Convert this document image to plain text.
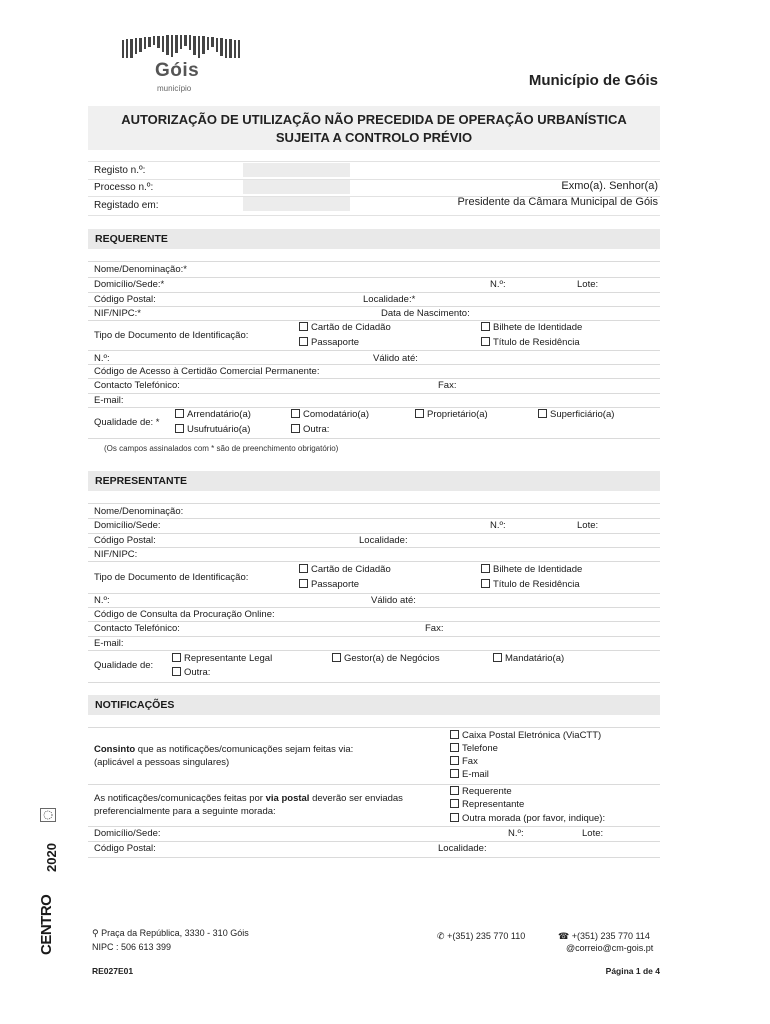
Góis
município	Município de Góis
AUTORIZAÇÃO DE UTILIZAÇÃO NÃO PRECEDIDA DE OPERAÇÃO URBANÍSTICA
SUJEITA A CONTROLO PRÉVIO
Registo n.º:
Processo n.º:
Registado em:
Exmo(a). Senhor(a)
Presidente da Câmara Municipal de Góis
REQUERENTE
Nome/Denominação:*
Domicílio/Sede:*	N.º:	Lote:
Código Postal:	Localidade:*
NIF/NIPC:*	Data de Nascimento:
Tipo de Documento de Identificação:
Cartão de Cidadão	Bilhete de Identidade
Passaporte	Título de Residência
N.º:	Válido até:
Código de Acesso à Certidão Comercial Permanente:
Contacto Telefónico:	Fax:
E-mail:
Qualidade de: *
Arrendatário(a)	Comodatário(a)	Proprietário(a)	Superficiário(a)
Usufrutuário(a)	Outra:
(Os campos assinalados com * são de preenchimento obrigatório)
REPRESENTANTE
Nome/Denominação:
Domicílio/Sede:	N.º:	Lote:
Código Postal:	Localidade:
NIF/NIPC:
Tipo de Documento de Identificação:
Cartão de Cidadão	Bilhete de Identidade
Passaporte	Título de Residência
N.º:	Válido até:
Código de Consulta da Procuração Online:
Contacto Telefónico:	Fax:
E-mail:
Qualidade de:
Representante Legal	Gestor(a) de Negócios	Mandatário(a)
Outra:
NOTIFICAÇÕES
Consinto que as notificações/comunicações sejam feitas via:
(aplicável a pessoas singulares)
Caixa Postal Eletrónica (ViaCTT)
Telefone
Fax
E-mail
As notificações/comunicações feitas por via postal deverão ser enviadas
preferencialmente para a seguinte morada:
Requerente
Representante
Outra morada (por favor, indique):
Domicílio/Sede:	N.º:	Lote:
Código Postal:	Localidade:
CENTRO
2020
⚲ Praça da República, 3330 - 310 Góis
NIPC : 506 613 399
✆ +(351) 235 770 110	☎ +(351) 235 770 114
@correio@cm-gois.pt
RE027E01	Página 1 de 4
